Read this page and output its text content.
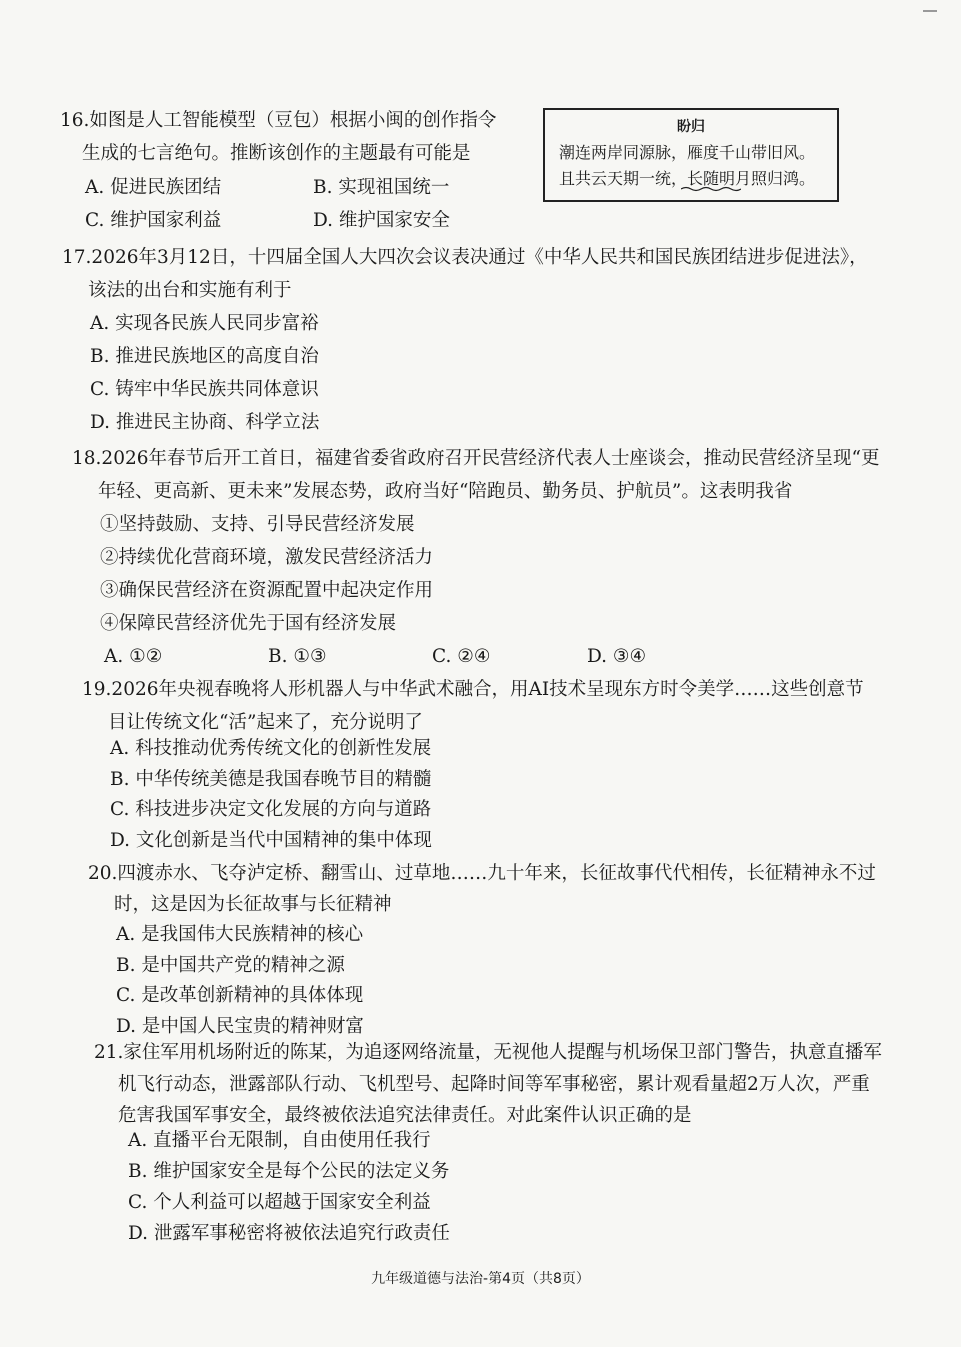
16.如图是人工智能模型（豆包）根据小闽的创作指令
生成的七言绝句。推断该创作的主题最有可能是
A. 促进民族团结	B. 实现祖国统一
C. 维护国家利益	D. 维护国家安全
盼归
潮连两岸同源脉，雁度千山带旧风。
且共云天期一统，长随明月照归鸿。
17.2026年3月12日，十四届全国人大四次会议表决通过《中华人民共和国民族团结进步促进法》，
该法的出台和实施有利于
A. 实现各民族人民同步富裕
B. 推进民族地区的高度自治
C. 铸牢中华民族共同体意识
D. 推进民主协商、科学立法
18.2026年春节后开工首日，福建省委省政府召开民营经济代表人士座谈会，推动民营经济呈现“更
年轻、更高新、更未来”发展态势，政府当好“陪跑员、勤务员、护航员”。这表明我省
①坚持鼓励、支持、引导民营经济发展
②持续优化营商环境，激发民营经济活力
③确保民营经济在资源配置中起决定作用
④保障民营经济优先于国有经济发展
A. ①②	B. ①③	C. ②④	D. ③④
19.2026年央视春晚将人形机器人与中华武术融合，用AI技术呈现东方时令美学……这些创意节
目让传统文化“活”起来了，充分说明了
A. 科技推动优秀传统文化的创新性发展
B. 中华传统美德是我国春晚节目的精髓
C. 科技进步决定文化发展的方向与道路
D. 文化创新是当代中国精神的集中体现
20.四渡赤水、飞夺泸定桥、翻雪山、过草地……九十年来，长征故事代代相传，长征精神永不过
时，这是因为长征故事与长征精神
A. 是我国伟大民族精神的核心
B. 是中国共产党的精神之源
C. 是改革创新精神的具体体现
D. 是中国人民宝贵的精神财富
21.家住军用机场附近的陈某，为追逐网络流量，无视他人提醒与机场保卫部门警告，执意直播军
机飞行动态，泄露部队行动、飞机型号、起降时间等军事秘密，累计观看量超2万人次，严重
危害我国军事安全，最终被依法追究法律责任。对此案件认识正确的是
A. 直播平台无限制，自由使用任我行
B. 维护国家安全是每个公民的法定义务
C. 个人利益可以超越于国家安全利益
D. 泄露军事秘密将被依法追究行政责任
九年级道德与法治-第4页（共8页）
